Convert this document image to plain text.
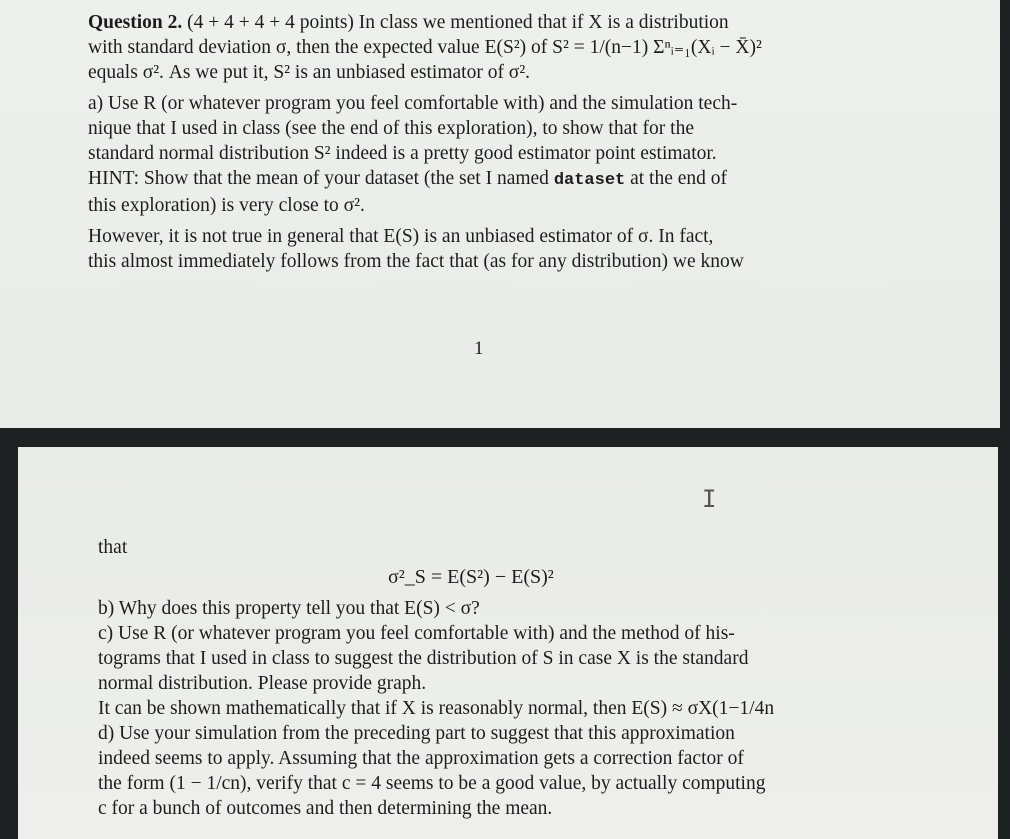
Question 2. (4 + 4 + 4 + 4 points) In class we mentioned that if X is a distribution
with standard deviation σ, then the expected value E(S²) of S² = 1/(n−1) Σⁿᵢ₌₁(Xᵢ − X̄)²
equals σ². As we put it, S² is an unbiased estimator of σ².
a) Use R (or whatever program you feel comfortable with) and the simulation tech-
nique that I used in class (see the end of this exploration), to show that for the
standard normal distribution S² indeed is a pretty good estimator point estimator.
HINT: Show that the mean of your dataset (the set I named dataset at the end of
this exploration) is very close to σ².
However, it is not true in general that E(S) is an unbiased estimator of σ. In fact,
this almost immediately follows from the fact that (as for any distribution) we know
1
I
that
σ²_S = E(S²) − E(S)²
b) Why does this property tell you that E(S) < σ?
c) Use R (or whatever program you feel comfortable with) and the method of his-
tograms that I used in class to suggest the distribution of S in case X is the standard
normal distribution. Please provide graph.
It can be shown mathematically that if X is reasonably normal, then E(S) ≈ σX(1−1/4n
d) Use your simulation from the preceding part to suggest that this approximation
indeed seems to apply. Assuming that the approximation gets a correction factor of
the form (1 − 1/cn), verify that c = 4 seems to be a good value, by actually computing
c for a bunch of outcomes and then determining the mean.
